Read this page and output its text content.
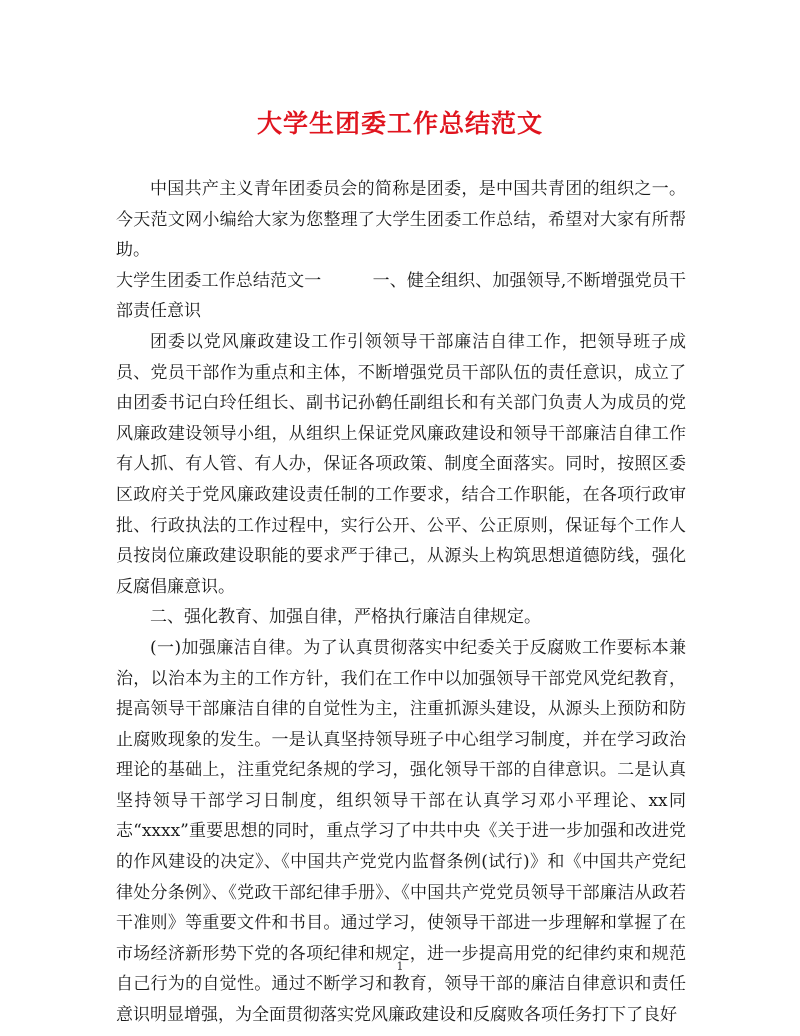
大学生团委工作总结范文

中国共产主义青年团委员会的简称是团委，是中国共青团的组织之一。今天范文网小编给大家为您整理了大学生团委工作总结，希望对大家有所帮助。

大学生团委工作总结范文一　　　一、健全组织、加强领导,不断增强党员干部责任意识

团委以党风廉政建设工作引领领导干部廉洁自律工作，把领导班子成员、党员干部作为重点和主体，不断增强党员干部队伍的责任意识，成立了由团委书记白玲任组长、副书记孙鹤任副组长和有关部门负责人为成员的党风廉政建设领导小组，从组织上保证党风廉政建设和领导干部廉洁自律工作有人抓、有人管、有人办，保证各项政策、制度全面落实。同时，按照区委区政府关于党风廉政建设责任制的工作要求，结合工作职能，在各项行政审批、行政执法的工作过程中，实行公开、公平、公正原则，保证每个工作人员按岗位廉政建设职能的要求严于律己，从源头上构筑思想道德防线，强化反腐倡廉意识。

二、强化教育、加强自律，严格执行廉洁自律规定。

(一)加强廉洁自律。为了认真贯彻落实中纪委关于反腐败工作要标本兼治，以治本为主的工作方针，我们在工作中以加强领导干部党风党纪教育，提高领导干部廉洁自律的自觉性为主，注重抓源头建设，从源头上预防和防止腐败现象的发生。一是认真坚持领导班子中心组学习制度，并在学习政治理论的基础上，注重党纪条规的学习，强化领导干部的自律意识。二是认真坚持领导干部学习日制度，组织领导干部在认真学习邓小平理论、xx同志“xxxx”重要思想的同时，重点学习了中共中央《关于进一步加强和改进党的作风建设的决定》、《中国共产党党内监督条例(试行)》和《中国共产党纪律处分条例》、《党政干部纪律手册》、《中国共产党党员领导干部廉洁从政若干准则》等重要文件和书目。通过学习，使领导干部进一步理解和掌握了在市场经济新形势下党的各项纪律和规定，进一步提高用党的纪律约束和规范自己行为的自觉性。通过不断学习和教育，领导干部的廉洁自律意识和责任意识明显增强，为全面贯彻落实党风廉政建设和反腐败各项任务打下了良好

1
